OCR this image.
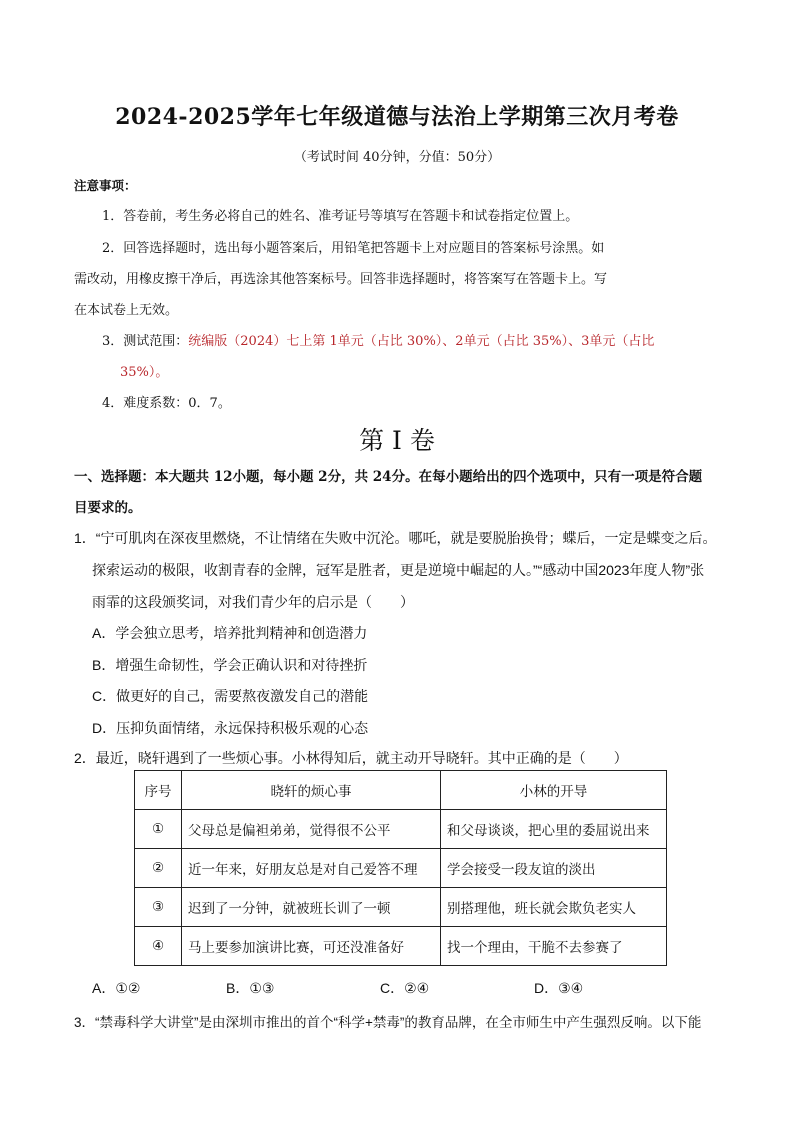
2024-2025学年七年级道德与法治上学期第三次月考卷
（考试时间 40分钟，分值：50分）
注意事项：
1．答卷前，考生务必将自己的姓名、准考证号等填写在答题卡和试卷指定位置上。
2．回答选择题时，选出每小题答案后，用铅笔把答题卡上对应题目的答案标号涂黑。如
需改动，用橡皮擦干净后，再选涂其他答案标号。回答非选择题时，将答案写在答题卡上。写
在本试卷上无效。
3．测试范围：统编版（2024）七上第 1单元（占比 30%）、2单元（占比 35%）、3单元（占比
35%）。
4．难度系数：0．7。
第 I 卷
一、选择题：本大题共 12小题，每小题 2分，共 24分。在每小题给出的四个选项中，只有一项是符合题
目要求的。
1．“宁可肌肉在深夜里燃烧，不让情绪在失败中沉沦。哪吒，就是要脱胎换骨；蝶后，一定是蝶变之后。
探索运动的极限，收割青春的金牌，冠军是胜者，更是逆境中崛起的人。”“感动中国2023年度人物”张
雨霏的这段颁奖词，对我们青少年的启示是（　　）
A．学会独立思考，培养批判精神和创造潜力
B．增强生命韧性，学会正确认识和对待挫折
C．做更好的自己，需要熬夜激发自己的潜能
D．压抑负面情绪，永远保持积极乐观的心态
2．最近，晓轩遇到了一些烦心事。小林得知后，就主动开导晓轩。其中正确的是（　　）
序号	晓轩的烦心事	小林的开导
①	父母总是偏袒弟弟，觉得很不公平	和父母谈谈，把心里的委屈说出来
②	近一年来，好朋友总是对自己爱答不理	学会接受一段友谊的淡出
③	迟到了一分钟，就被班长训了一顿	别搭理他，班长就会欺负老实人
④	马上要参加演讲比赛，可还没准备好	找一个理由，干脆不去参赛了
A．①②	B．①③	C．②④	D．③④
3．“禁毒科学大讲堂”是由深圳市推出的首个“科学+禁毒”的教育品牌，在全市师生中产生强烈反响。以下能
